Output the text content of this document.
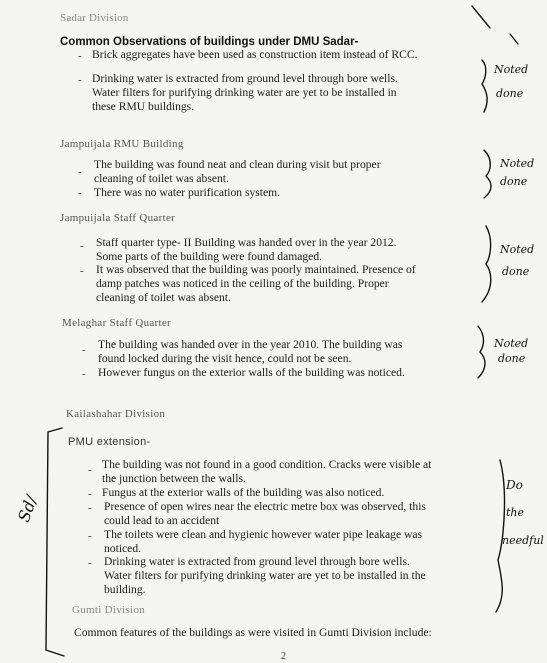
Sadar Division
Common Observations of buildings under DMU Sadar-
- Brick aggregates have been used as construction item instead of RCC.
- Drinking water is extracted from ground level through bore wells.
Water filters for purifying drinking water are yet to be installed in
these RMU buildings.
Noted
done
Jampuijala RMU Building
-
The building was found neat and clean during visit but proper
cleaning of toilet was absent.
- There was no water purification system.
Noted
done
Jampuijala Staff Quarter
- Staff quarter type- II Building was handed over in the year 2012.
Some parts of the building were found damaged.
- It was observed that the building was poorly maintained. Presence of
damp patches was noticed in the ceiling of the building. Proper
cleaning of toilet was absent.
Noted
done
Melaghar Staff Quarter
- The building was handed over in the year 2010. The building was
found locked during the visit hence, could not be seen.
- However fungus on the exterior walls of the building was noticed.
Noted
done
Kailashahar Division
PMU extension-
- The building was not found in a good condition. Cracks were visible at
the junction between the walls.
- Fungus at the exterior walls of the building was also noticed.
- Presence of open wires near the electric metre box was observed, this
could lead to an accident
- The toilets were clean and hygienic however water pipe leakage was
noticed.
- Drinking water is extracted from ground level through bore wells.
Water filters for purifying drinking water are yet to be installed in the
building.
Do
the
needful
Sd/
Gumti Division
Common features of the buildings as were visited in Gumti Division include:
2
